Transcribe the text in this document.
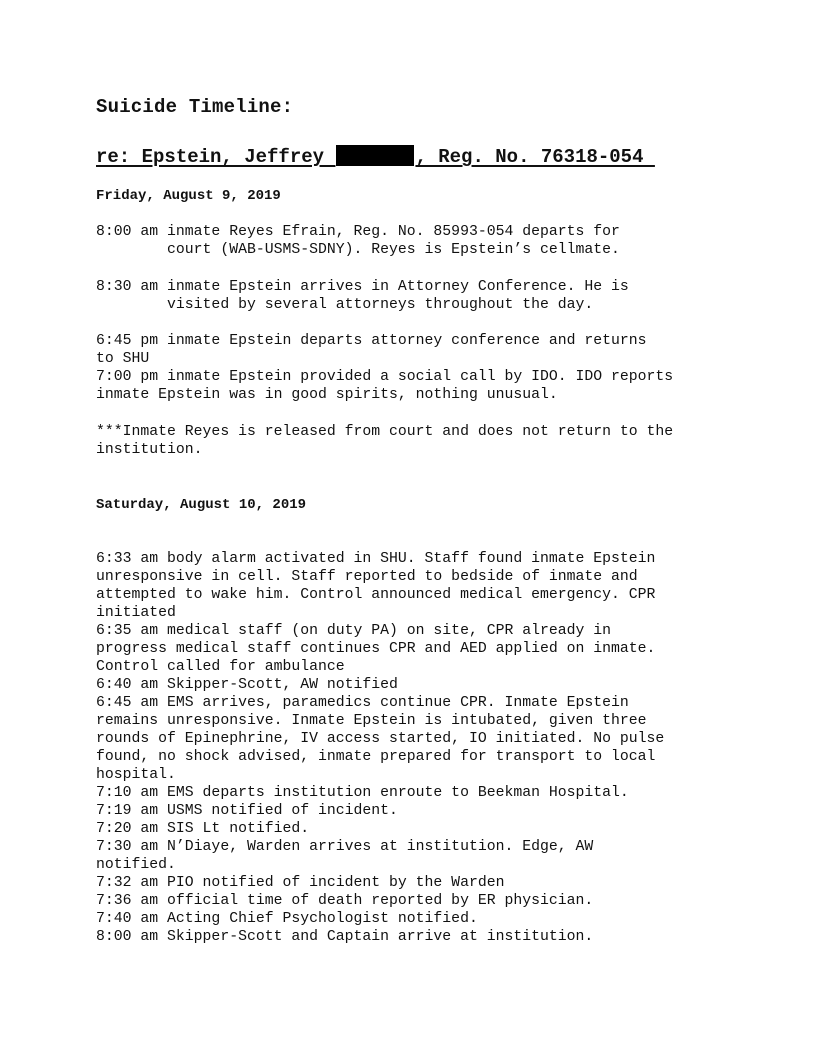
Suicide Timeline:
re: Epstein, Jeffrey	, Reg. No. 76318-054
Friday, August 9, 2019
8:00 am inmate Reyes Efrain, Reg. No. 85993-054 departs for
court (WAB-USMS-SDNY). Reyes is Epstein’s cellmate.
8:30 am inmate Epstein arrives in Attorney Conference. He is
visited by several attorneys throughout the day.
6:45 pm inmate Epstein departs attorney conference and returns
to SHU
7:00 pm inmate Epstein provided a social call by IDO. IDO reports
inmate Epstein was in good spirits, nothing unusual.
***Inmate Reyes is released from court and does not return to the
institution.
Saturday, August 10, 2019
6:33 am body alarm activated in SHU. Staff found inmate Epstein
unresponsive in cell. Staff reported to bedside of inmate and
attempted to wake him. Control announced medical emergency. CPR
initiated
6:35 am medical staff (on duty PA) on site, CPR already in
progress medical staff continues CPR and AED applied on inmate.
Control called for ambulance
6:40 am Skipper-Scott, AW notified
6:45 am EMS arrives, paramedics continue CPR. Inmate Epstein
remains unresponsive. Inmate Epstein is intubated, given three
rounds of Epinephrine, IV access started, IO initiated. No pulse
found, no shock advised, inmate prepared for transport to local
hospital.
7:10 am EMS departs institution enroute to Beekman Hospital.
7:19 am USMS notified of incident.
7:20 am SIS Lt notified.
7:30 am N’Diaye, Warden arrives at institution. Edge, AW
notified.
7:32 am PIO notified of incident by the Warden
7:36 am official time of death reported by ER physician.
7:40 am Acting Chief Psychologist notified.
8:00 am Skipper-Scott and Captain arrive at institution.
